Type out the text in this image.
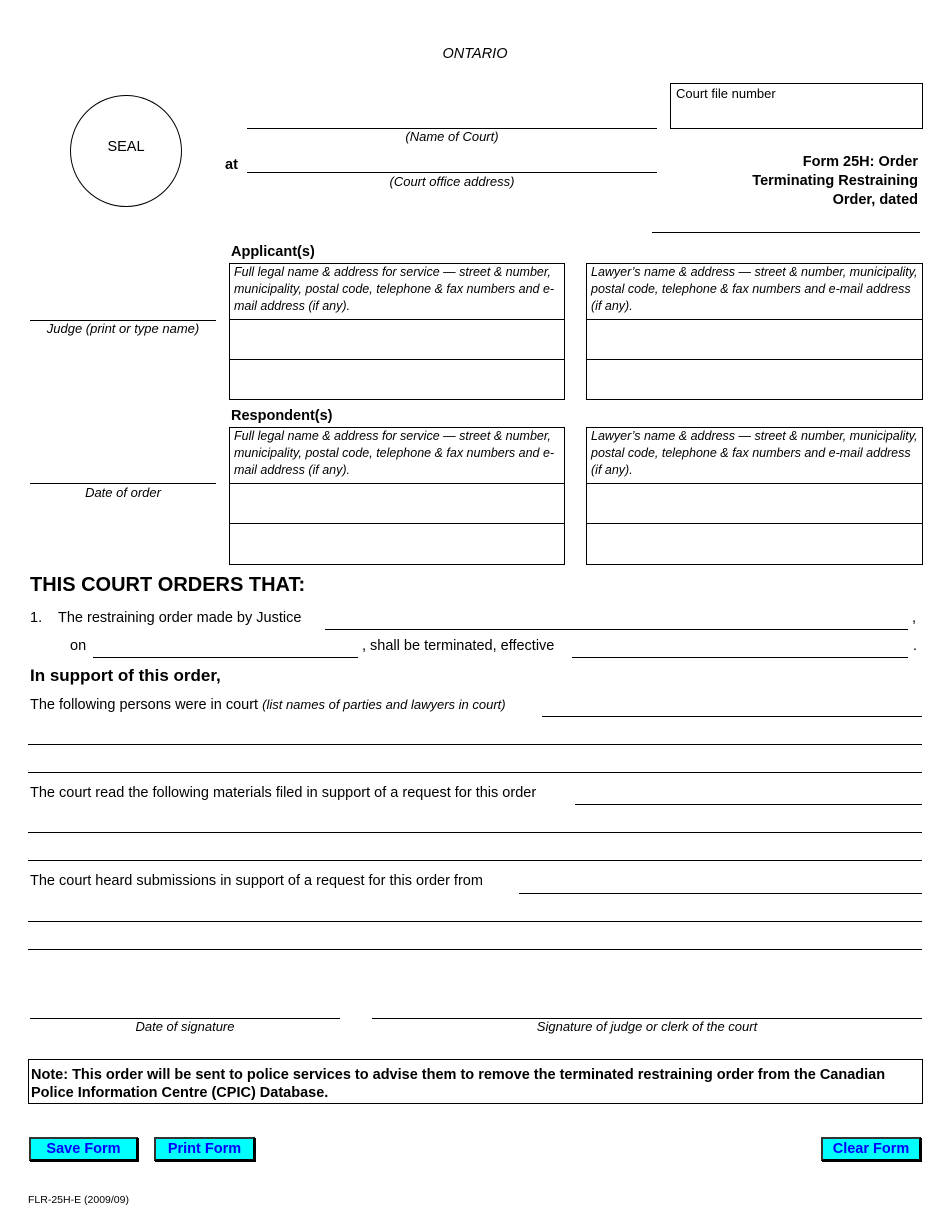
ONTARIO
SEAL
Court file number
(Name of Court)
at
(Court office address)
Form 25H: Order
Terminating Restraining
Order, dated
Judge (print or type name)
Date of order
Applicant(s)
Full legal name & address for service — street & number, municipality, postal code, telephone & fax numbers and e-mail address (if any).
Lawyer’s name & address — street & number, municipality, postal code, telephone & fax numbers and e-mail address (if any).
Respondent(s)
Full legal name & address for service — street & number, municipality, postal code, telephone & fax numbers and e-mail address (if any).
Lawyer’s name & address — street & number, municipality, postal code, telephone & fax numbers and e-mail address (if any).
THIS COURT ORDERS THAT:
1. The restraining order made by Justice	,
on	, shall be terminated, effective	.
In support of this order,
The following persons were in court (list names of parties and lawyers in court)
The court read the following materials filed in support of a request for this order
The court heard submissions in support of a request for this order from
Date of signature	Signature of judge or clerk of the court
Note: This order will be sent to police services to advise them to remove the terminated restraining order from the Canadian Police Information Centre (CPIC) Database.
Save Form	Print Form	Clear Form
FLR-25H-E (2009/09)
